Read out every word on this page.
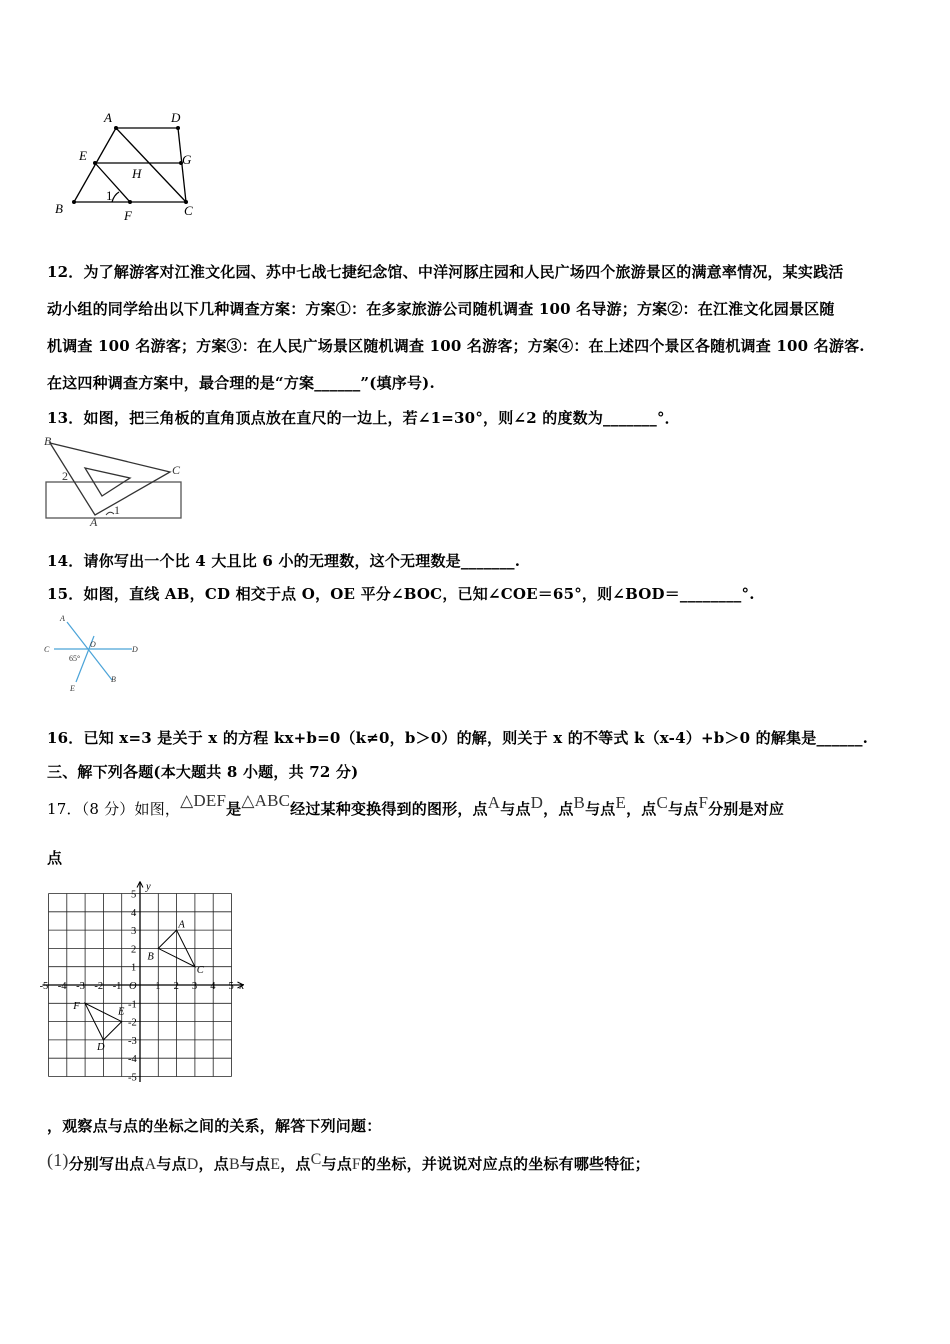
A	D
E	G
H
B	F	C
1
12．为了解游客对江淮文化园、苏中七战七捷纪念馆、中洋河豚庄园和人民广场四个旅游景区的满意率情况，某实践活
动小组的同学给出以下几种调查方案：方案①：在多家旅游公司随机调查 100 名导游；方案②：在江淮文化园景区随
机调查 100 名游客；方案③：在人民广场景区随机调查 100 名游客；方案④：在上述四个景区各随机调查 100 名游客.
在这四种调查方案中，最合理的是“方案______”(填序号).
13．如图，把三角板的直角顶点放在直尺的一边上，若∠1=30°，则∠2 的度数为_______°．
B
C
A
2
1
14．请你写出一个比 4 大且比 6 小的无理数，这个无理数是_______.
15．如图，直线 AB，CD 相交于点 O，OE 平分∠BOC，已知∠COE＝65°，则∠BOD＝________°.
A
O
C	D
65°
E
B
16．已知 x=3 是关于 x 的方程 kx+b=0（k≠0，b＞0）的解，则关于 x 的不等式 k（x-4）+b＞0 的解集是______.
三、解下列各题(本大题共 8 小题，共 72 分)
17．（8 分）如图，△DEF是△ABC经过某种变换得到的图形，点A与点D，点B与点E，点C与点F分别是对应
点
-5 -4 -3 -2 -1	1 2 3 4 5
5
4
3
2
1
-1
-2
-3
-4
-5
x
y
O
A
B
C
F
D
E
，观察点与点的坐标之间的关系，解答下列问题：
(1)分别写出点A与点D，点B与点E，点C与点F的坐标，并说说对应点的坐标有哪些特征；
